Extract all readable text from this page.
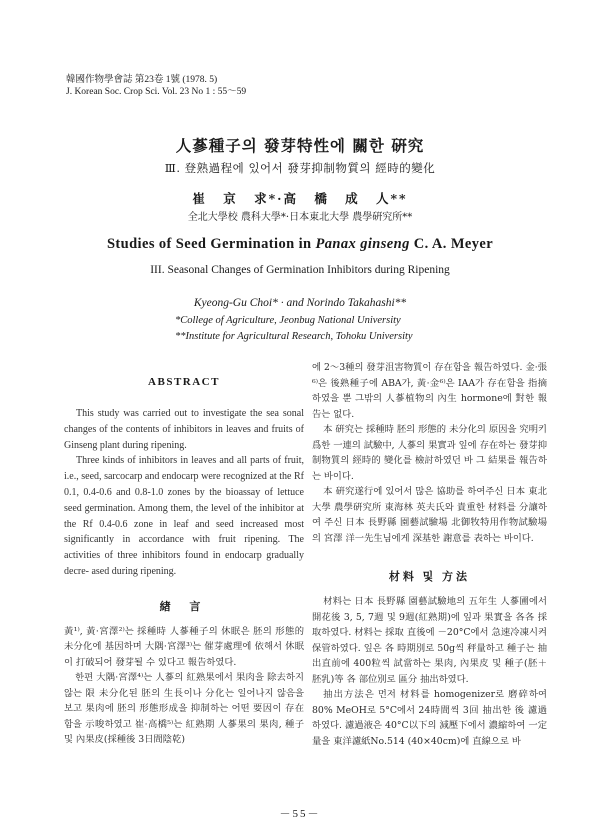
韓國作物學會誌 第23卷 1號 (1978. 5)
J. Korean Soc. Crop Sci. Vol. 23 No 1 : 55～59
人蔘種子의 發芽特性에 關한 硏究
Ⅲ. 登熟過程에 있어서 發芽抑制物質의 經時的變化
崔 京 求*·高 橋 成 人**
全北大學校 農科大學*·日本東北大學 農學硏究所**
Studies of Seed Germination in Panax ginseng C. A. Meyer
III. Seasonal Changes of Germination Inhibitors during Ripening
Kyeong-Gu Choi* · and Norindo Takahashi**
*College of Agriculture, Jeonbug National University
**Institute for Agricultural Research, Tohoku University
ABSTRACT

This study was carried out to investigate the sea sonal changes of the contents of inhibitors in leaves and fruits of Ginseng plant during ripening.

Three kinds of inhibitors in leaves and all parts of fruit, i.e., seed, sarcocarp and endocarp were recognized at the Rf 0.1, 0.4-0.6 and 0.8-1.0 zones by the bioassay of lettuce seed germination. Among them, the level of the inhibitor at the Rf 0.4-0.6 zone in leaf and seed increased most significantly in accordance with fruit ripening. The activities of three inhibitors found in endocarp gradually decre- ased during ripening.

緖 言

黃¹⁾, 黃·宮澤²⁾는 採種時 人蔘種子의 休眠은 胚의 形態的 未分化에 基因하며 大隅·宮澤³⁾는 催芽處理에 依해서 休眠이 打破되어 發芽될 수 있다고 報告하였다.

한편 大隅·宮澤⁴⁾는 人蔘의 紅熟果에서 果肉을 除去하지 않는 限 未分化된 胚의 生長이나 分化는 일어나지 않음을 보고 果肉에 胚의 形態形成을 抑制하는 어떤 要因이 存在함을 示唆하였고 崔·高橋⁵⁾는 紅熟期 人蔘果의 果肉, 種子 및 內果皮(採種後 3日間陰乾)

에 2～3種의 發芽沮害物質이 存在함을 報告하였다. 金·張⁶⁾은 後熟種子에 ABA가, 黃·金⁶⁾은 IAA가 存在함을 指摘하였을 뿐 그밖의 人蔘植物의 內生 hormone에 對한 報告는 없다.

本 硏究는 採種時 胚의 形態的 未分化의 原因을 究明키 爲한 一連의 試驗中, 人蔘의 果實과 잎에 存在하는 發芽抑制物質의 經時的 變化를 檢討하였던 바 그 結果를 報告하는 바이다.

本 硏究遂行에 있어서 많은 協助를 하여주신 日本 東北大學 農學硏究所 東海林 英夫氏와 貴重한 材料를 分讓하여 주신 日本 長野縣 園藝試驗場 北御牧特用作物試驗場의 宮澤 洋一先生님에게 深基한 謝意를 表하는 바이다.

材料 및 方法

材料는 日本 長野縣 園藝試驗地의 五年生 人蔘圃에서 開花後 3, 5, 7週 및 9週(紅熟期)에 잎과 果實을 各各 採取하였다. 材料는 採取 直後에 －20°C에서 急速冷凍시켜 保管하였다. 잎은 各 時期別로 50g씩 秤量하고 種子는 抽出直前에 400粒씩 試當하는 果肉, 內果皮 및 種子(胚＋胚乳)等 各 部位別로 區分 抽出하였다.

抽出方法은 먼저 材料를 homogenizer로 磨碎하여 80% MeOH로 5°C에서 24時間씩 3回 抽出한 後 濾過하였다. 濾過液은 40°C以下의 減壓下에서 濃縮하여 一定量을 東洋濾紙No.514 (40×40cm)에 直線으로 바

－55－
